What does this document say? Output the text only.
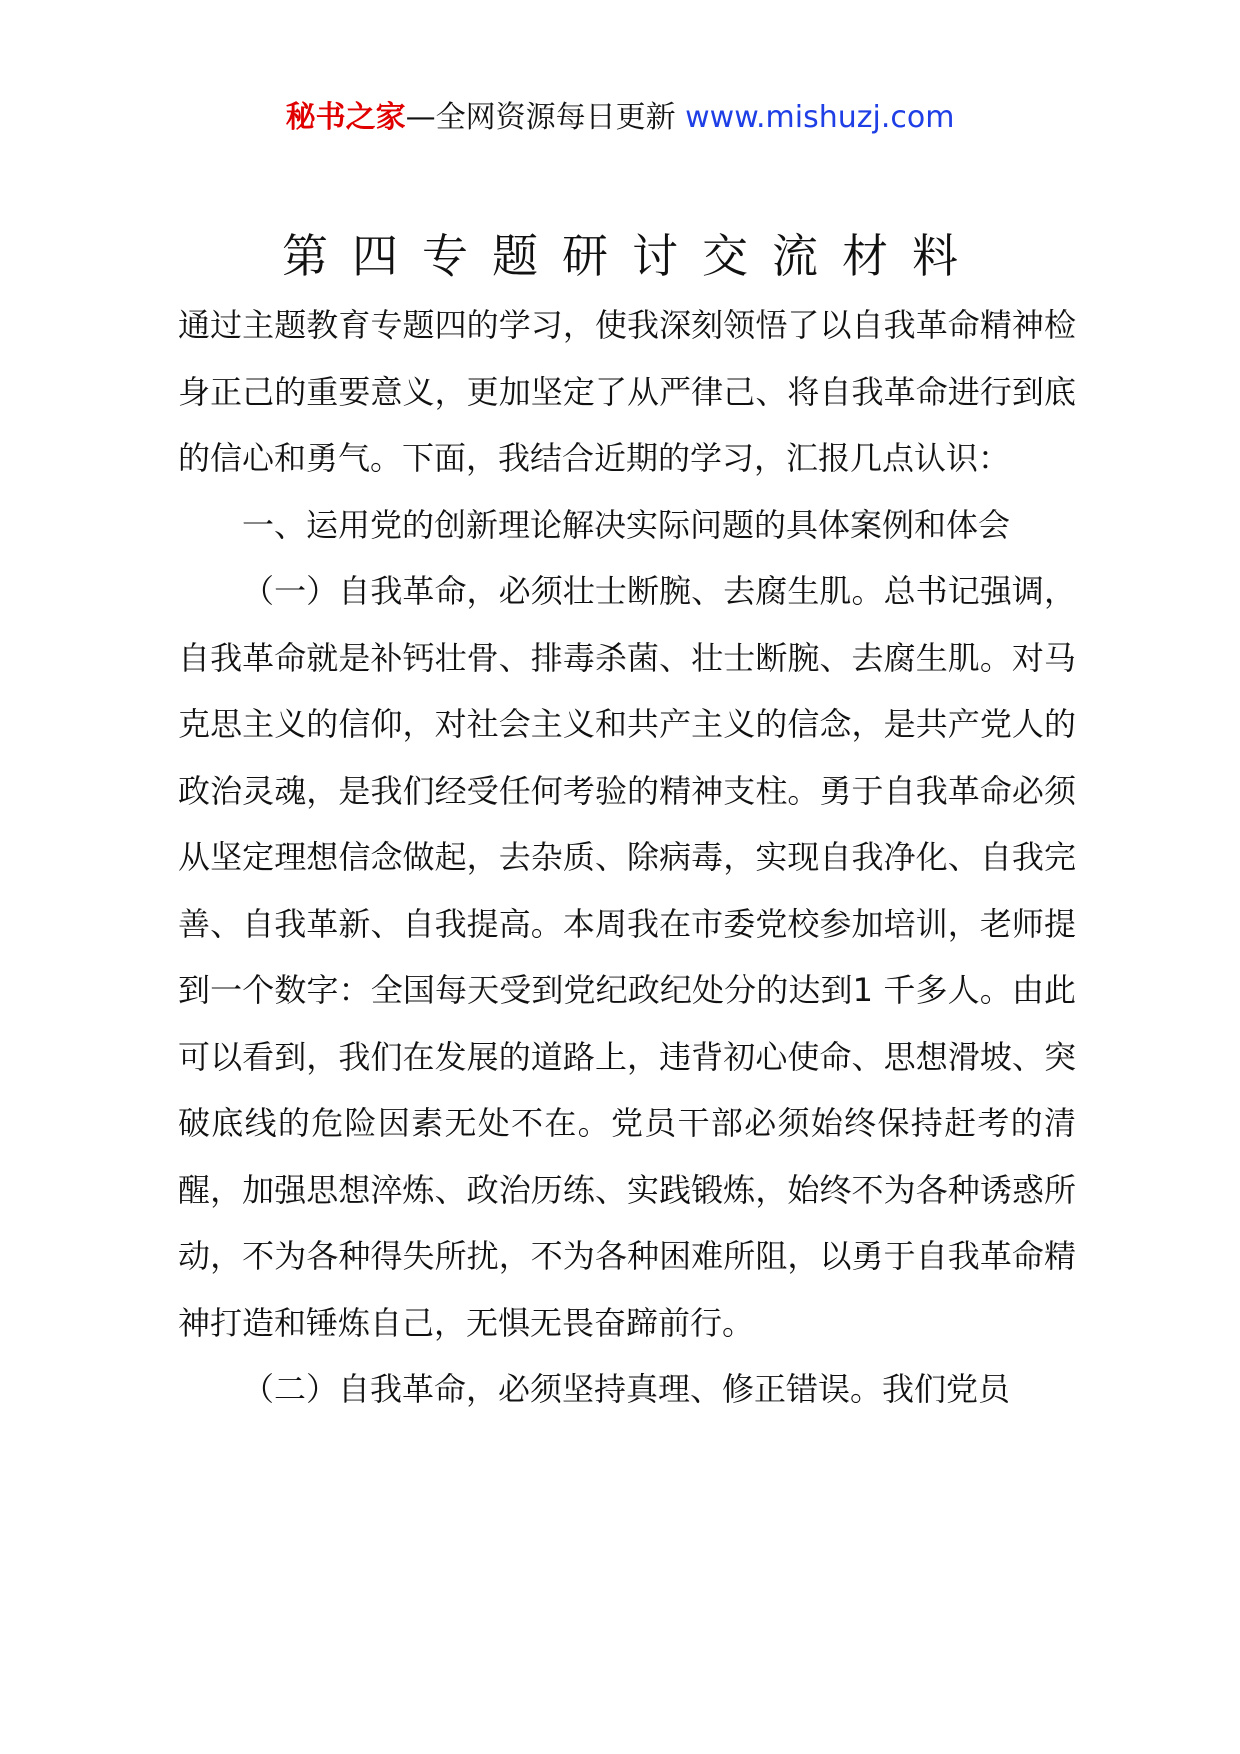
秘书之家—全网资源每日更新 www.mishuzj.com
第四专题研讨交流材料

通过主题教育专题四的学习，使我深刻领悟了以自我革命精神检身正己的重要意义，更加坚定了从严律己、将自我革命进行到底的信心和勇气。下面，我结合近期的学习，汇报几点认识：

一、运用党的创新理论解决实际问题的具体案例和体会

（一）自我革命，必须壮士断腕、去腐生肌。总书记强调，自我革命就是补钙壮骨、排毒杀菌、壮士断腕、去腐生肌。对马克思主义的信仰，对社会主义和共产主义的信念，是共产党人的政治灵魂，是我们经受任何考验的精神支柱。勇于自我革命必须从坚定理想信念做起，去杂质、除病毒，实现自我净化、自我完善、自我革新、自我提高。本周我在市委党校参加培训，老师提到一个数字：全国每天受到党纪政纪处分的达到1 千多人。由此可以看到，我们在发展的道路上，违背初心使命、思想滑坡、突破底线的危险因素无处不在。党员干部必须始终保持赶考的清醒，加强思想淬炼、政治历练、实践锻炼，始终不为各种诱惑所动，不为各种得失所扰，不为各种困难所阻，以勇于自我革命精神打造和锤炼自己，无惧无畏奋蹄前行。

（二）自我革命，必须坚持真理、修正错误。我们党员
